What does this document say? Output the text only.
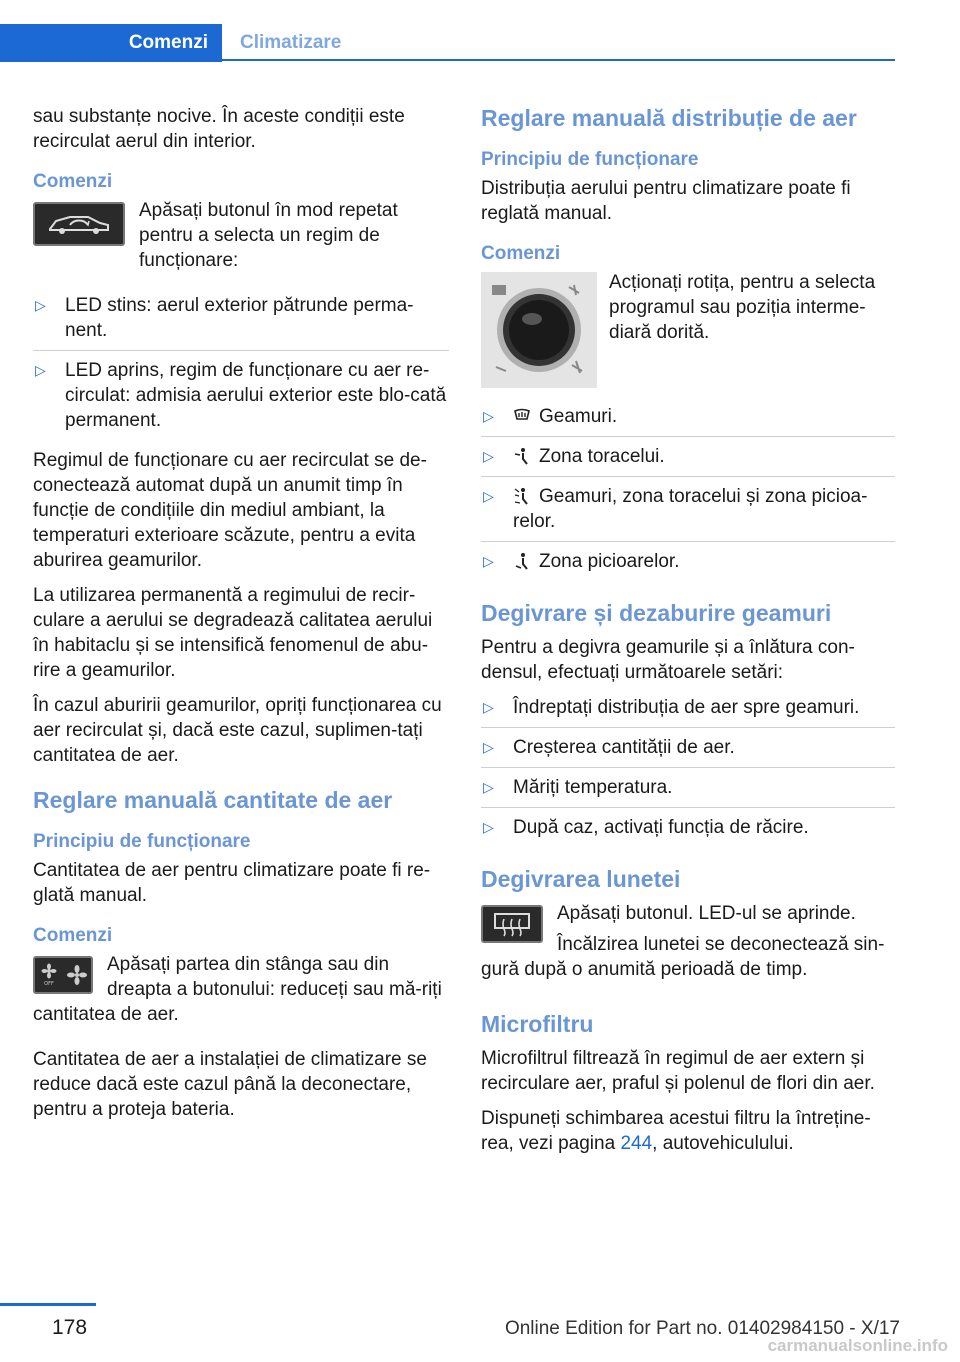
Comenzi	Climatizare

sau substanțe nocive. În aceste condiții este recirculat aerul din interior.

Comenzi

Apăsați butonul în mod repetat pentru a selecta un regim de funcționare:

▷ LED stins: aerul exterior pătrunde perma‐nent.
▷ LED aprins, regim de funcționare cu aer re‐circulat: admisia aerului exterior este blo‐cată permanent.

Regimul de funcționare cu aer recirculat se de‐conectează automat după un anumit timp în funcție de condițiile din mediul ambiant, la temperaturi exterioare scăzute, pentru a evita aburirea geamurilor.

La utilizarea permanentă a regimului de recir‐culare a aerului se degradează calitatea aerului în habitaclu și se intensifică fenomenul de abu‐rire a geamurilor.

În cazul aburirii geamurilor, opriți funcționarea cu aer recirculat și, dacă este cazul, suplimen‐tați cantitatea de aer.

Reglare manuală cantitate de aer
Principiu de funcționare

Cantitatea de aer pentru climatizare poate fi re‐glată manual.

Comenzi
OFF

Apăsați partea din stânga sau din dreapta a butonului: reduceți sau mă‐riți cantitatea de aer.

Cantitatea de aer a instalației de climatizare se reduce dacă este cazul până la deconectare, pentru a proteja bateria.

Reglare manuală distribuție de aer
Principiu de funcționare

Distribuția aerului pentru climatizare poate fi reglată manual.

Comenzi

Acționați rotița, pentru a selecta programul sau poziția interme‐diară dorită.

▷ Geamuri.
▷ Zona toracelui.
▷ Geamuri, zona toracelui și zona picioa‐relor.
▷ Zona picioarelor.
Degivrare și dezaburire geamuri

Pentru a degivra geamurile și a înlătura con‐densul, efectuați următoarele setări:

▷ Îndreptați distribuția de aer spre geamuri.
▷ Creșterea cantității de aer.
▷ Măriți temperatura.
▷ După caz, activați funcția de răcire.
Degivrarea lunetei

Apăsați butonul. LED-ul se aprinde.

Încălzirea lunetei se deconectează sin‐gură după o anumită perioadă de timp.

Microfiltru

Microfiltrul filtrează în regimul de aer extern și recirculare aer, praful și polenul de flori din aer.

Dispuneți schimbarea acestui filtru la întreține‐rea, vezi pagina 244, autovehiculului.

178	Online Edition for Part no. 01402984150 - X/17
carmanualsonline.info
